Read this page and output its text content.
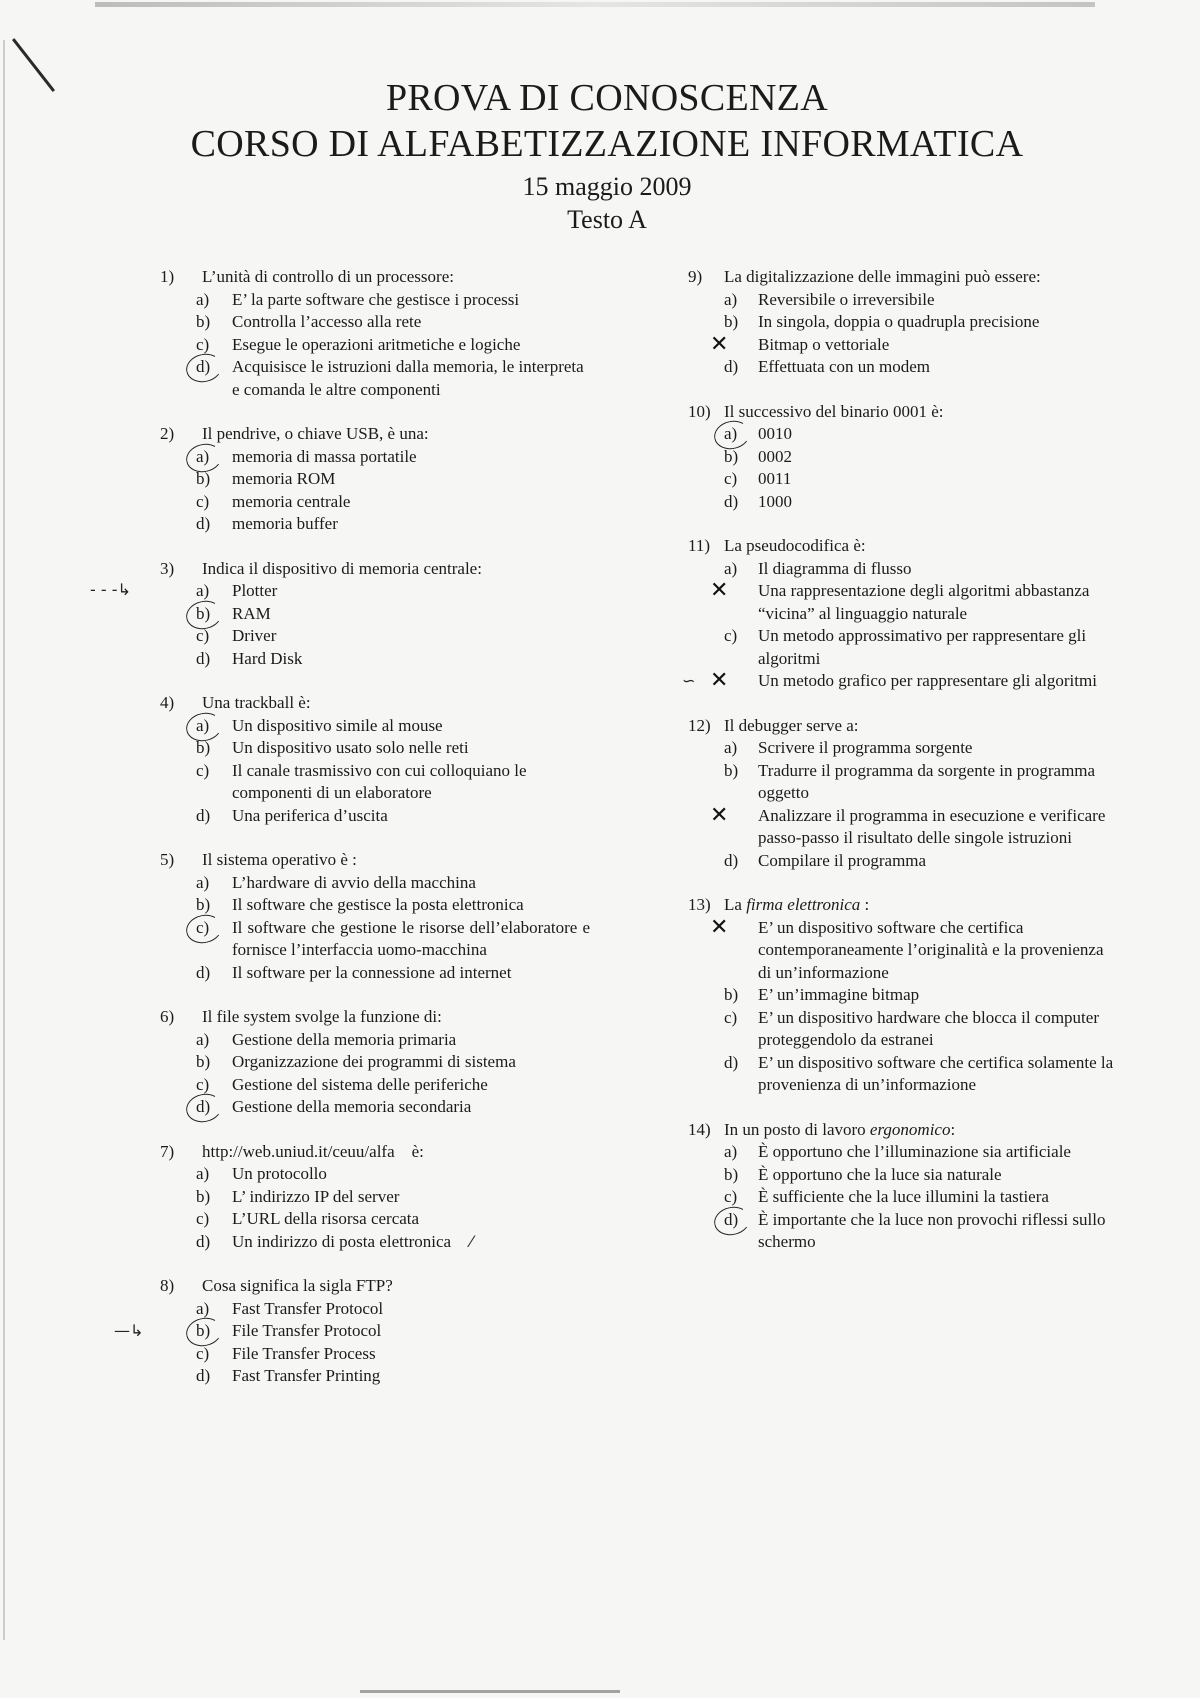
PROVA DI CONOSCENZA
CORSO DI ALFABETIZZAZIONE INFORMATICA
15 maggio 2009
Testo A
1)	L’unità di controllo di un processore:
a)	E’ la parte software che gestisce i processi
b)	Controlla l’accesso alla rete
c)	Esegue le operazioni aritmetiche e logiche
d)	Acquisisce le istruzioni dalla memoria, le interpreta e comanda le altre componenti
2)	Il pendrive, o chiave USB, è una:
a)	memoria di massa portatile
b)	memoria ROM
c)	memoria centrale
d)	memoria buffer
- - -↳
3)	Indica il dispositivo di memoria centrale:
a)	Plotter
b)	RAM
c)	Driver
d)	Hard Disk
4)	Una trackball è:
a)	Un dispositivo simile al mouse
b)	Un dispositivo usato solo nelle reti
c)	Il canale trasmissivo con cui colloquiano le componenti di un elaboratore
d)	Una periferica d’uscita
5)	Il sistema operativo è :
a)	L’hardware di avvio della macchina
b)	Il software che gestisce la posta elettronica
c)	Il software che gestione le risorse dell’elaboratore e fornisce l’interfaccia uomo-macchina
d)	Il software per la connessione ad internet
6)	Il file system svolge la funzione di:
a)	Gestione della memoria primaria
b)	Organizzazione dei programmi di sistema
c)	Gestione del sistema delle periferiche
d)	Gestione della memoria secondaria
7)	http://web.uniud.it/ceuu/alfa    è:
a)	Un protocollo
b)	L’ indirizzo IP del server
c)	L’URL della risorsa cercata
d)	Un indirizzo di posta elettronica	⁄
—↳
8)	Cosa significa la sigla FTP?
a)	Fast Transfer Protocol
b)	File Transfer Protocol
c)	File Transfer Process
d)	Fast Transfer Printing
9)	La digitalizzazione delle immagini può essere:
a)	Reversibile o irreversibile
b)	In singola, doppia o quadrupla precisione
✕	Bitmap o vettoriale
d)	Effettuata con un modem
10) Il successivo del binario 0001 è:
a)	0010
b)	0002
c)	0011
d)	1000
11) La pseudocodifica è:
a)	Il diagramma di flusso
✕	Una rappresentazione degli algoritmi abbastanza “vicina” al linguaggio naturale
c)	Un metodo approssimativo per rappresentare gli algoritmi
∽ ✕	Un metodo grafico per rappresentare gli algoritmi
12) Il debugger serve a:
a)	Scrivere il programma sorgente
b)	Tradurre il programma da sorgente in programma oggetto
✕	Analizzare il programma in esecuzione e verificare passo-passo il risultato delle singole istruzioni
d)	Compilare il programma
13) La firma elettronica :
✕	E’ un dispositivo software che certifica contemporaneamente l’originalità e la provenienza di un’informazione
b)	E’ un’immagine bitmap
c)	E’ un dispositivo hardware che blocca il computer proteggendolo da estranei
d)	E’ un dispositivo software che certifica solamente la provenienza di un’informazione
14) In un posto di lavoro ergonomico:
a)	È opportuno che l’illuminazione sia artificiale
b)	È opportuno che la luce sia naturale
c)	È sufficiente che la luce illumini la tastiera
d)	È importante che la luce non provochi riflessi sullo schermo
